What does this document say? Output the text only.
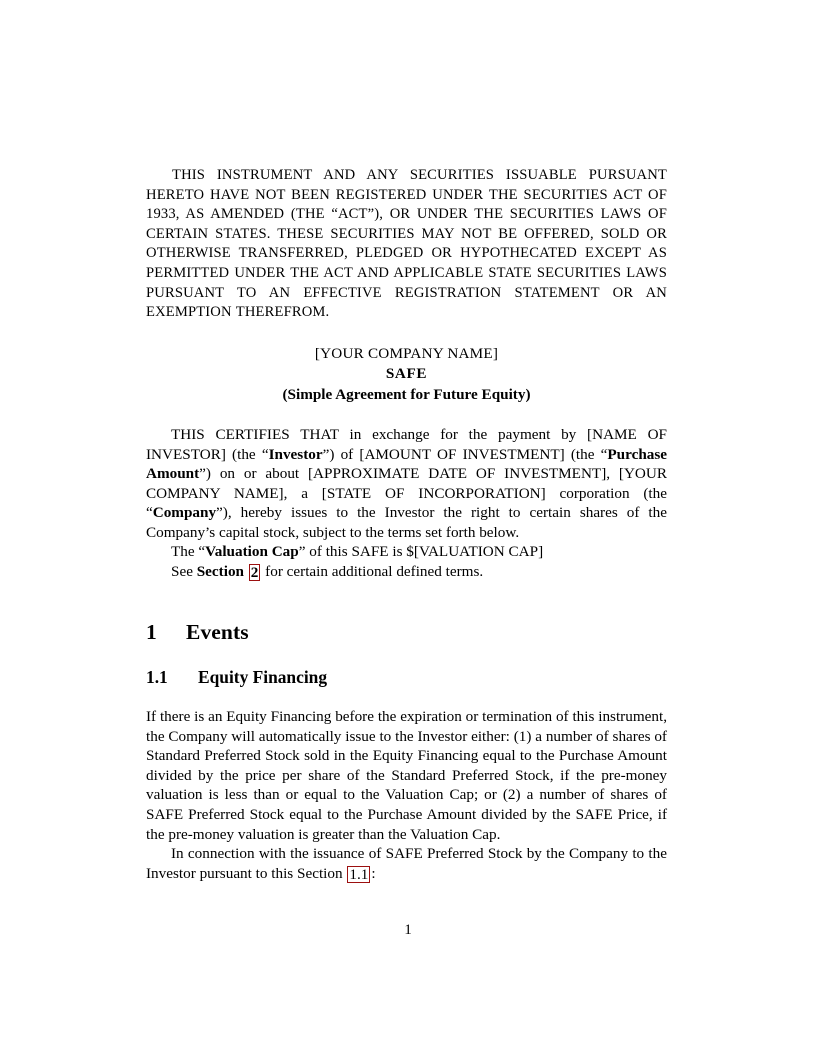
THIS INSTRUMENT AND ANY SECURITIES ISSUABLE PURSUANT HERETO HAVE NOT BEEN REGISTERED UNDER THE SECURITIES ACT OF 1933, AS AMENDED (THE “ACT”), OR UNDER THE SECURITIES LAWS OF CERTAIN STATES. THESE SECURITIES MAY NOT BE OFFERED, SOLD OR OTHERWISE TRANSFERRED, PLEDGED OR HYPOTHECATED EXCEPT AS PERMITTED UNDER THE ACT AND APPLICABLE STATE SECURITIES LAWS PURSUANT TO AN EFFECTIVE REGISTRATION STATEMENT OR AN EXEMPTION THEREFROM.

[YOUR COMPANY NAME]
SAFE
(Simple Agreement for Future Equity)

THIS CERTIFIES THAT in exchange for the payment by [NAME OF INVESTOR] (the “Investor”) of [AMOUNT OF INVESTMENT] (the “Purchase Amount”) on or about [APPROXIMATE DATE OF INVESTMENT], [YOUR COMPANY NAME], a [STATE OF INCORPORATION] corporation (the “Company”), hereby issues to the Investor the right to certain shares of the Company’s capital stock, subject to the terms set forth below.

The “Valuation Cap” of this SAFE is $[VALUATION CAP]

See Section 2 for certain additional defined terms.

1 Events
1.1 Equity Financing

If there is an Equity Financing before the expiration or termination of this instrument, the Company will automatically issue to the Investor either: (1) a number of shares of Standard Preferred Stock sold in the Equity Financing equal to the Purchase Amount divided by the price per share of the Standard Preferred Stock, if the pre-money valuation is less than or equal to the Valuation Cap; or (2) a number of shares of SAFE Preferred Stock equal to the Purchase Amount divided by the SAFE Price, if the pre-money valuation is greater than the Valuation Cap.

In connection with the issuance of SAFE Preferred Stock by the Company to the Investor pursuant to this Section 1.1 :

1
